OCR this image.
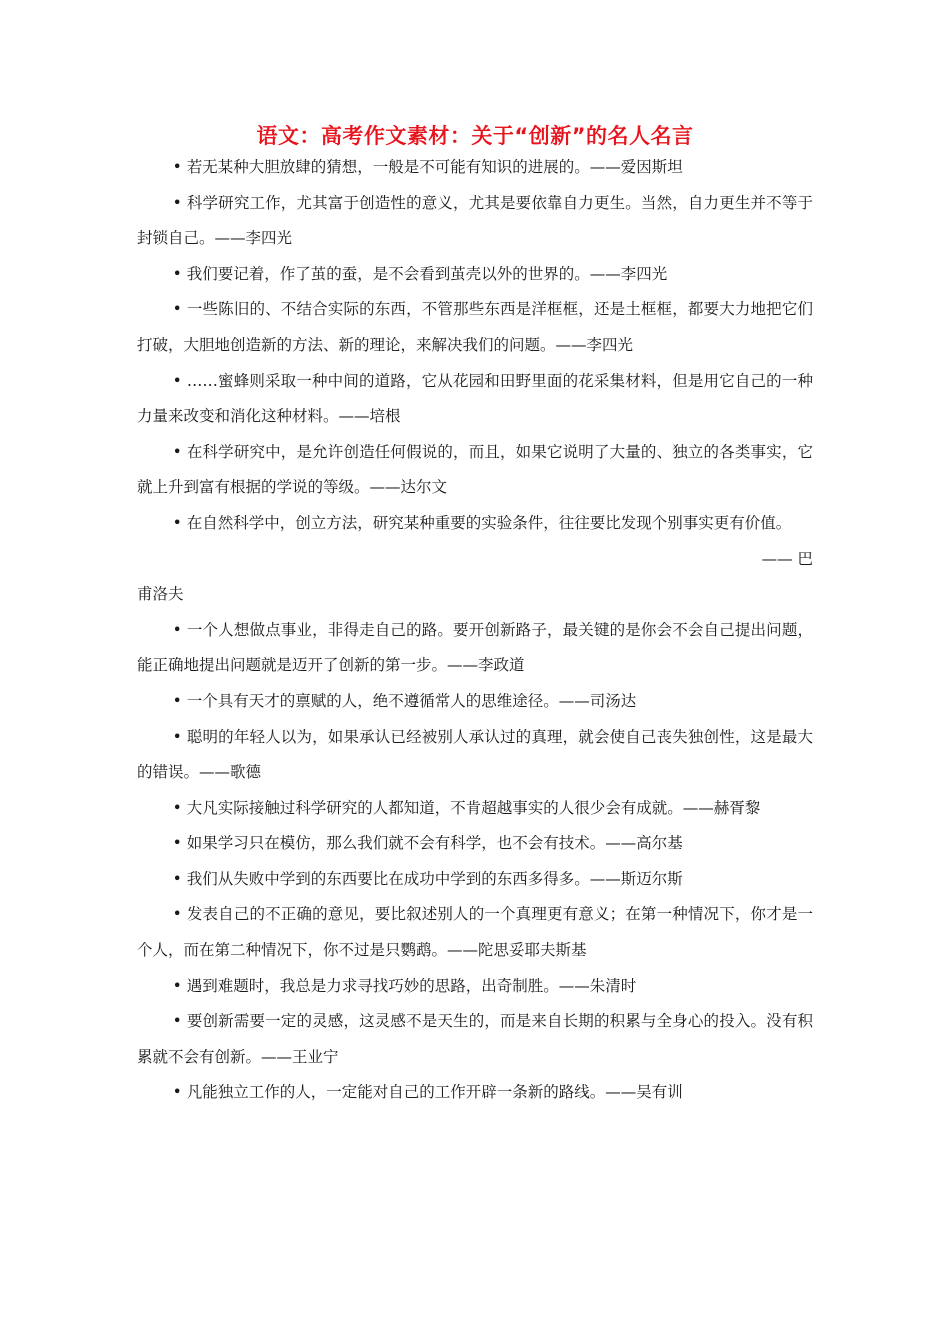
语文：高考作文素材：关于“创新”的名人名言

• 若无某种大胆放肆的猜想，一般是不可能有知识的进展的。——爱因斯坦

• 科学研究工作，尤其富于创造性的意义，尤其是要依靠自力更生。当然，自力更生并不等于封锁自己。——李四光

• 我们要记着，作了茧的蚕，是不会看到茧壳以外的世界的。——李四光

• 一些陈旧的、不结合实际的东西，不管那些东西是洋框框，还是土框框，都要大力地把它们打破，大胆地创造新的方法、新的理论，来解决我们的问题。——李四光

• ……蜜蜂则采取一种中间的道路，它从花园和田野里面的花采集材料，但是用它自己的一种力量来改变和消化这种材料。——培根

• 在科学研究中，是允许创造任何假说的，而且，如果它说明了大量的、独立的各类事实，它就上升到富有根据的学说的等级。——达尔文

• 在自然科学中，创立方法，研究某种重要的实验条件，往往要比发现个别事实更有价值。

—— 巴

甫洛夫

• 一个人想做点事业，非得走自己的路。要开创新路子，最关键的是你会不会自己提出问题，能正确地提出问题就是迈开了创新的第一步。——李政道

• 一个具有天才的禀赋的人，绝不遵循常人的思维途径。——司汤达

• 聪明的年轻人以为，如果承认已经被别人承认过的真理，就会使自己丧失独创性，这是最大的错误。——歌德

• 大凡实际接触过科学研究的人都知道，不肯超越事实的人很少会有成就。——赫胥黎

• 如果学习只在模仿，那么我们就不会有科学，也不会有技术。——高尔基

• 我们从失败中学到的东西要比在成功中学到的东西多得多。——斯迈尔斯

• 发表自己的不正确的意见，要比叙述别人的一个真理更有意义；在第一种情况下，你才是一个人，而在第二种情况下，你不过是只鹦鹉。——陀思妥耶夫斯基

• 遇到难题时，我总是力求寻找巧妙的思路，出奇制胜。——朱清时

• 要创新需要一定的灵感，这灵感不是天生的，而是来自长期的积累与全身心的投入。没有积累就不会有创新。——王业宁

• 凡能独立工作的人，一定能对自己的工作开辟一条新的路线。——吴有训
